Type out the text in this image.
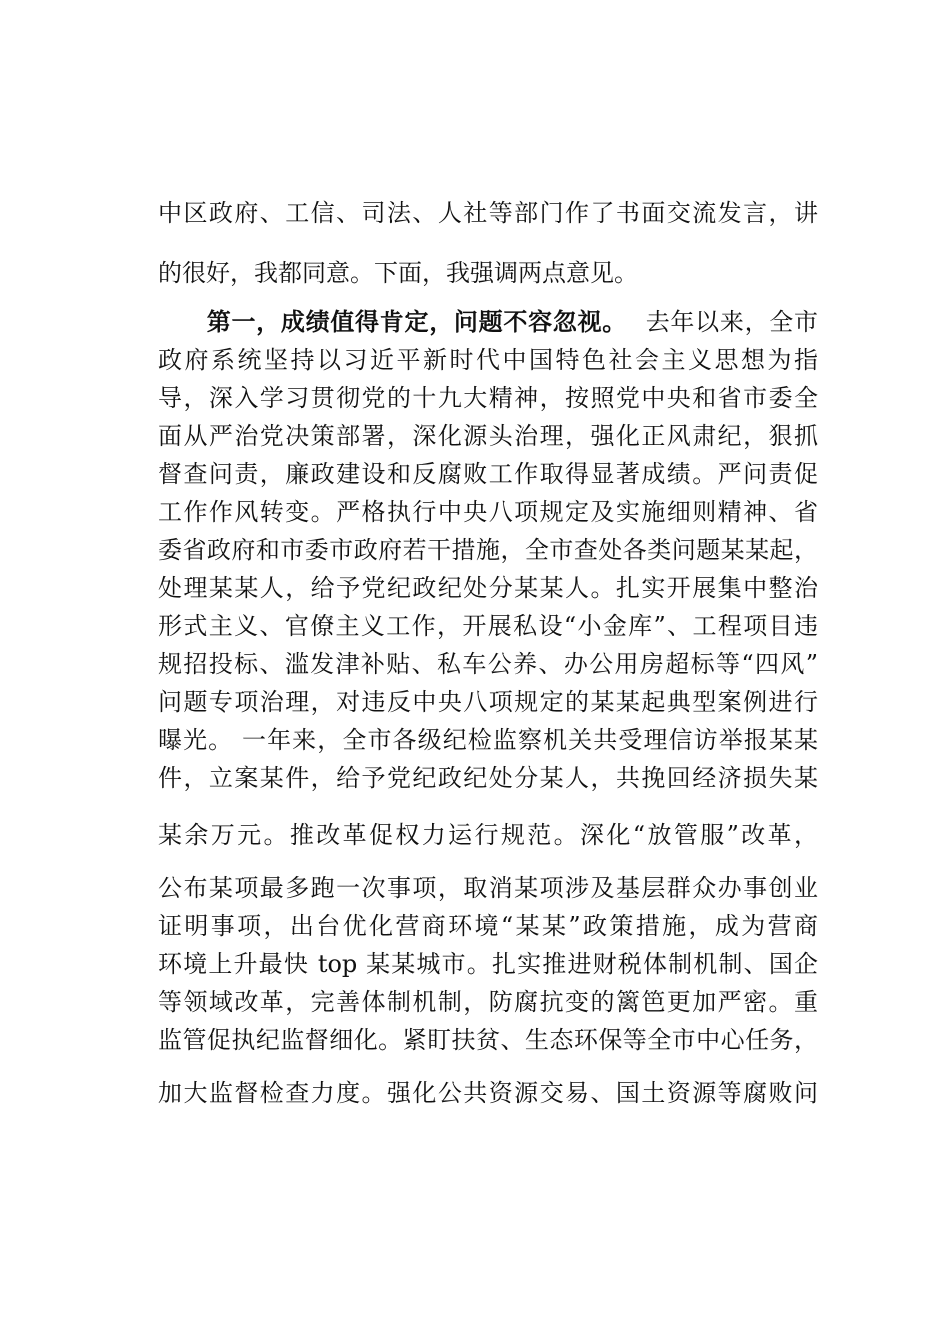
中区政府、工信、司法、人社等部门作了书面交流发言，讲
的很好，我都同意。下面，我强调两点意见。
第一，成绩值得肯定，问题不容忽视。 去年以来，全市
政府系统坚持以习近平新时代中国特色社会主义思想为指
导，深入学习贯彻党的十九大精神，按照党中央和省市委全
面从严治党决策部署，深化源头治理，强化正风肃纪，狠抓
督查问责，廉政建设和反腐败工作取得显著成绩。严问责促
工作作风转变。严格执行中央八项规定及实施细则精神、省
委省政府和市委市政府若干措施，全市查处各类问题某某起，
处理某某人，给予党纪政纪处分某某人。扎实开展集中整治
形式主义、官僚主义工作，开展私设“小金库”、工程项目违
规招投标、滥发津补贴、私车公养、办公用房超标等“四风”
问题专项治理，对违反中央八项规定的某某起典型案例进行
曝光。 一年来，全市各级纪检监察机关共受理信访举报某某
件，立案某件，给予党纪政纪处分某人，共挽回经济损失某
某余万元。推改革促权力运行规范。深化“放管服”改革，
公布某项最多跑一次事项，取消某项涉及基层群众办事创业
证明事项，出台优化营商环境“某某”政策措施，成为营商
环境上升最快 top 某某城市。扎实推进财税体制机制、国企
等领域改革，完善体制机制，防腐抗变的篱笆更加严密。重
监管促执纪监督细化。紧盯扶贫、生态环保等全市中心任务，
加大监督检查力度。强化公共资源交易、国土资源等腐败问
